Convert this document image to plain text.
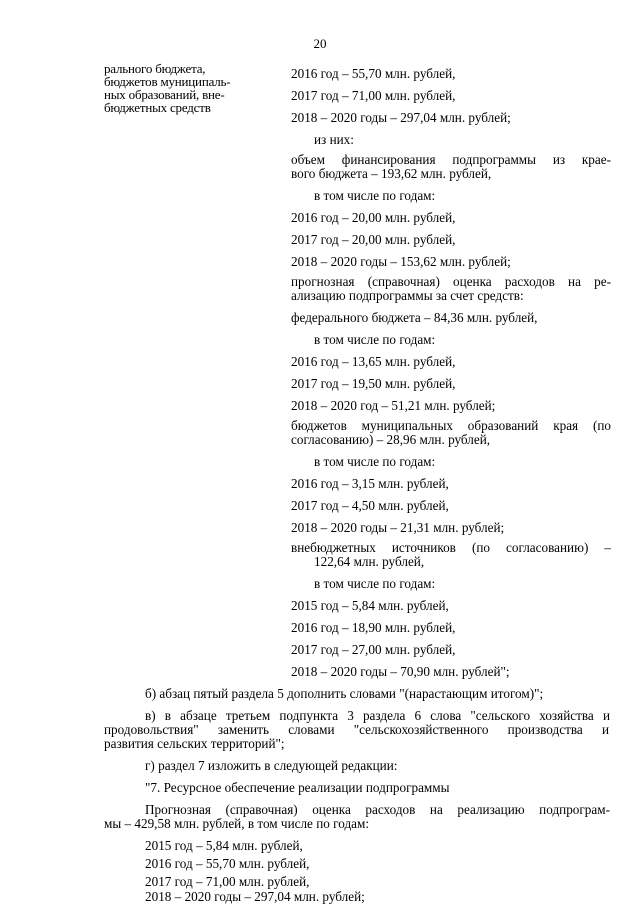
20
рального бюджета,
бюджетов муниципаль-
ных образований, вне-
бюджетных средств
2016 год – 55,70 млн. рублей,
2017 год – 71,00 млн. рублей,
2018 – 2020 годы – 297,04 млн. рублей;
из них:
объем финансирования подпрограммы из крае-
вого бюджета – 193,62 млн. рублей,
в том числе по годам:
2016 год – 20,00 млн. рублей,
2017 год – 20,00 млн. рублей,
2018 – 2020 годы – 153,62 млн. рублей;
прогнозная (справочная) оценка расходов на ре-
ализацию подпрограммы за счет средств:
федерального бюджета – 84,36 млн. рублей,
в том числе по годам:
2016 год – 13,65 млн. рублей,
2017 год – 19,50 млн. рублей,
2018 – 2020 год – 51,21 млн. рублей;
бюджетов муниципальных образований края (по
согласованию) – 28,96 млн. рублей,
в том числе по годам:
2016 год – 3,15 млн. рублей,
2017 год – 4,50 млн. рублей,
2018 – 2020 годы – 21,31 млн. рублей;
внебюджетных источников (по согласованию) –
122,64 млн. рублей,
в том числе по годам:
2015 год – 5,84 млн. рублей,
2016 год – 18,90 млн. рублей,
2017 год – 27,00 млн. рублей,
2018 – 2020 годы – 70,90 млн. рублей";
б) абзац пятый раздела 5 дополнить словами "(нарастающим итогом)";
в) в абзаце третьем подпункта 3 раздела 6 слова "сельского хозяйства и
продовольствия" заменить словами "сельскохозяйственного производства и
развития сельских территорий";
г) раздел 7 изложить в следующей редакции:
"7. Ресурсное обеспечение реализации подпрограммы
Прогнозная (справочная) оценка расходов на реализацию подпрограм-
мы – 429,58 млн. рублей, в том числе по годам:
2015 год – 5,84 млн. рублей,
2016 год – 55,70 млн. рублей,
2017 год – 71,00 млн. рублей,
2018 – 2020 годы – 297,04 млн. рублей;
